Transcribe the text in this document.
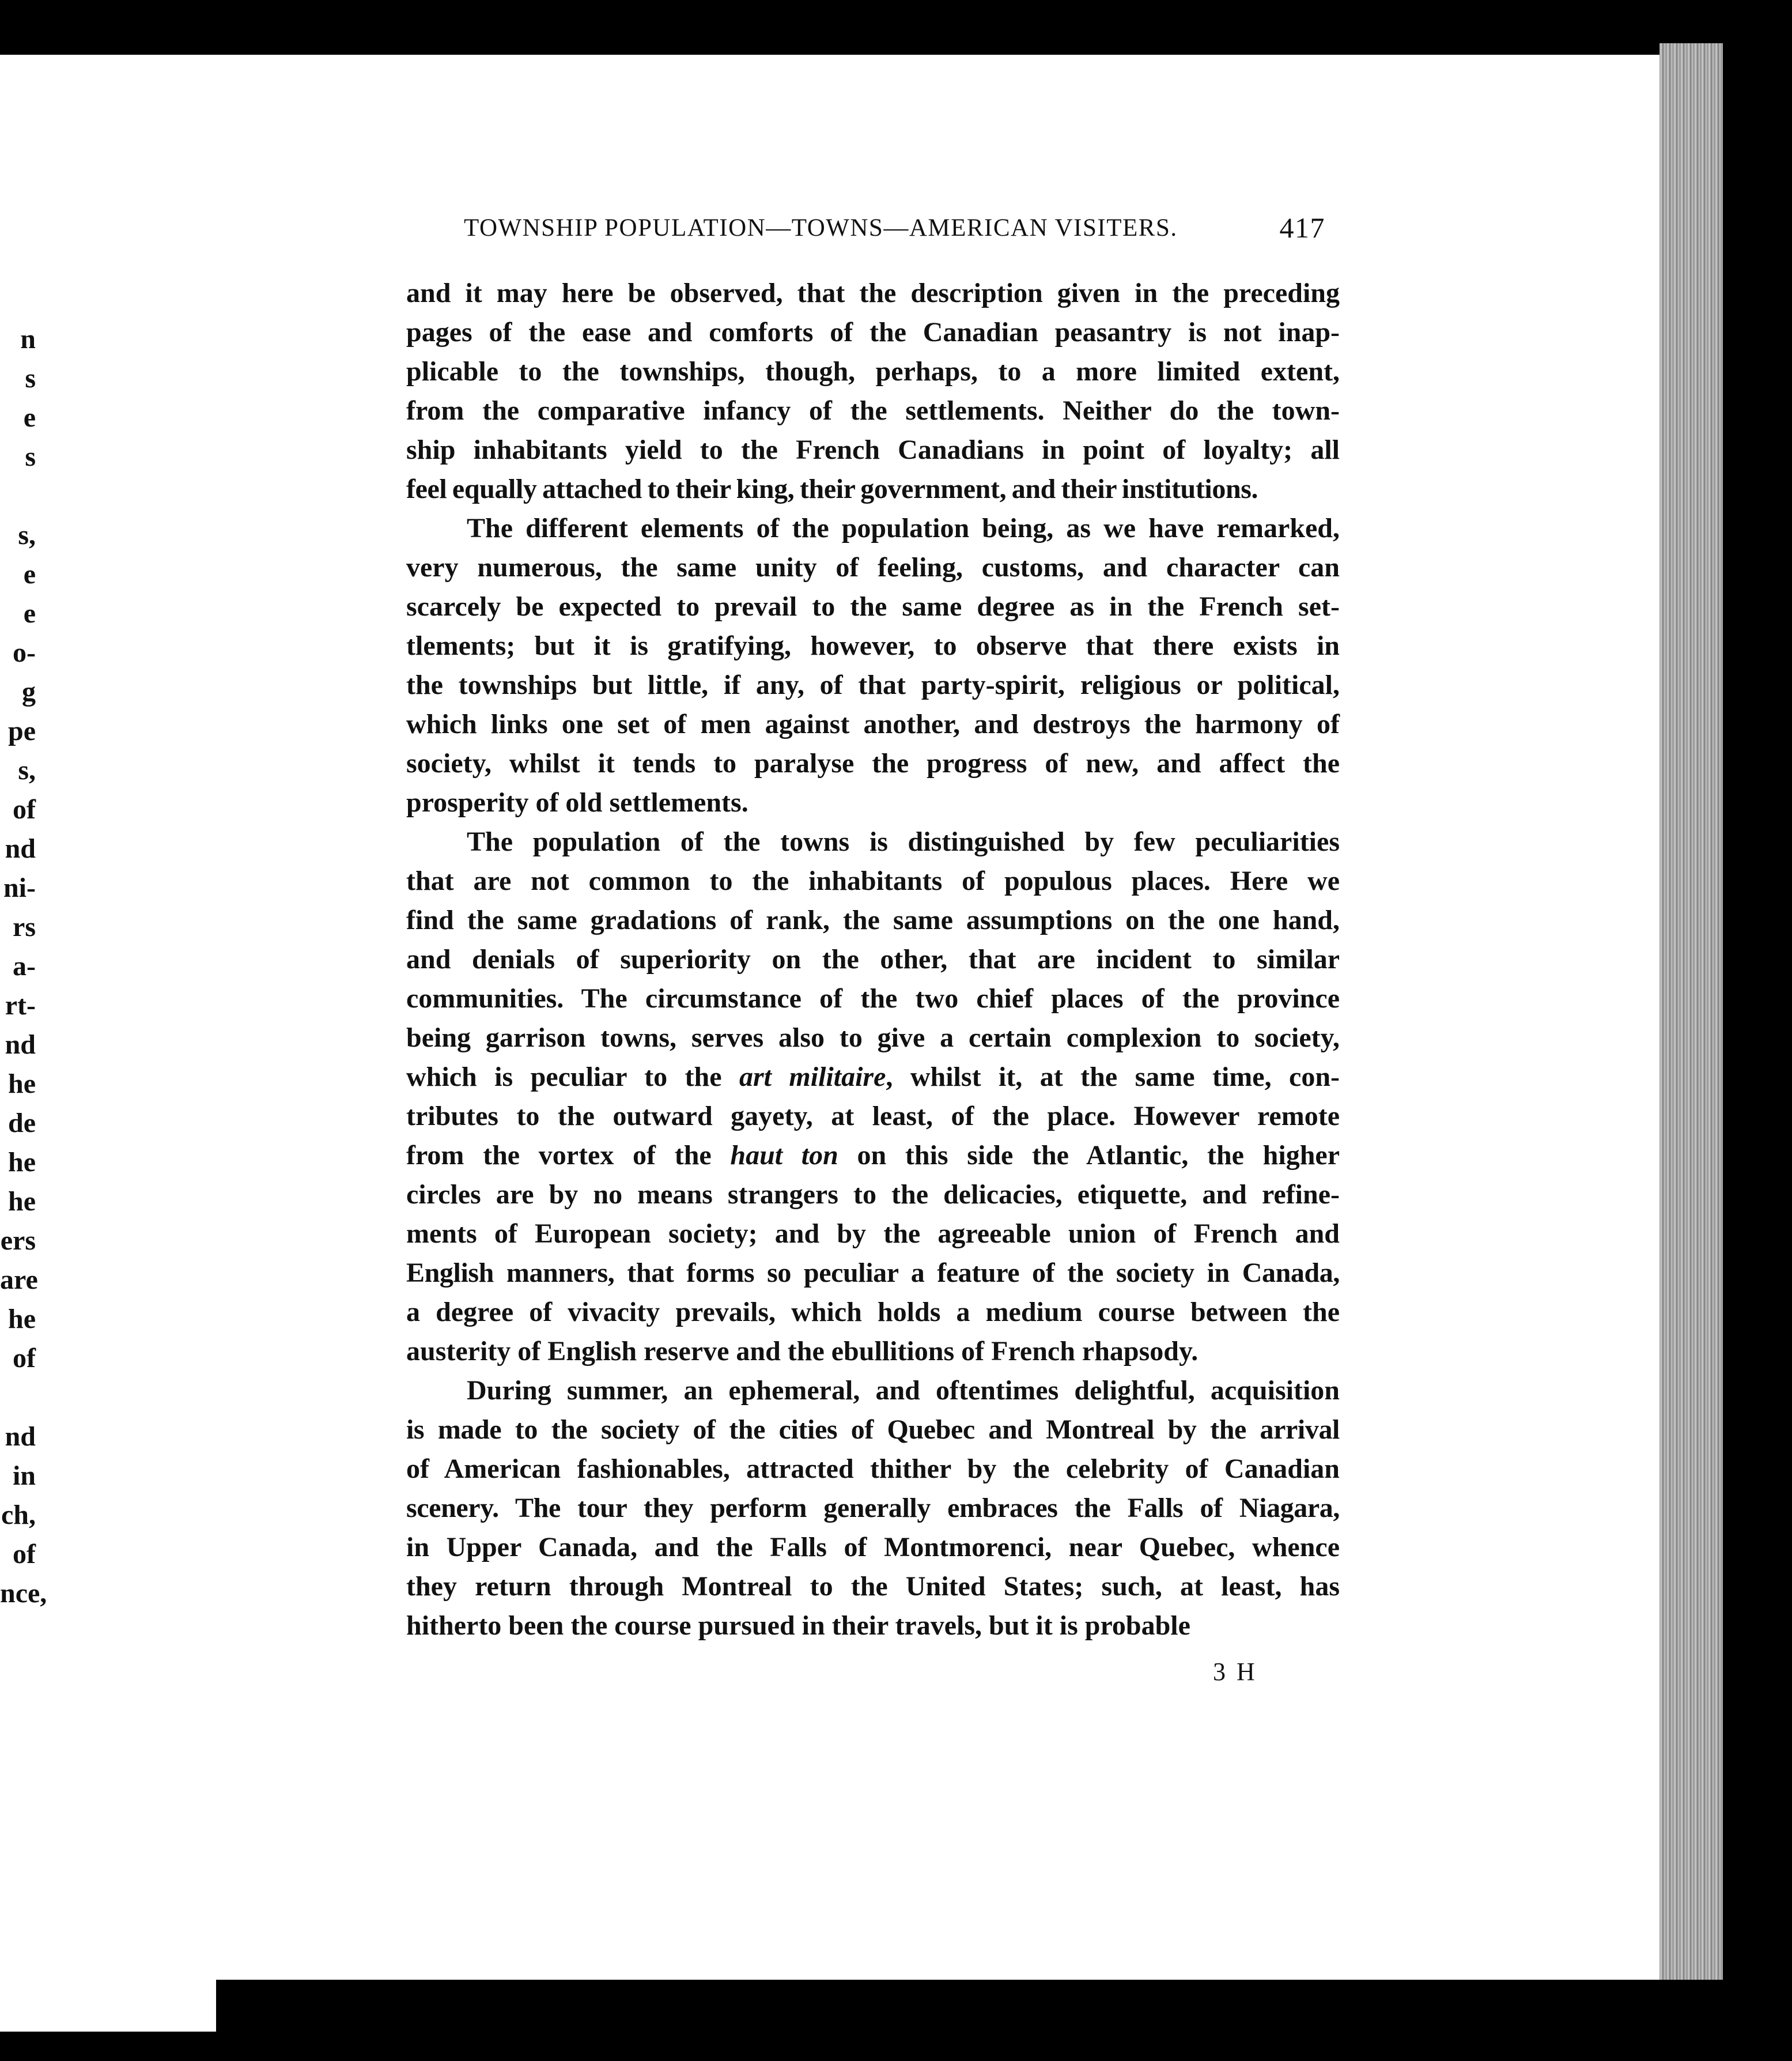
n
s
e
s
s,
e
e
o-
g
pe
s,
of
nd
ni-
rs
a-
rt-
nd
he
de
he
he
ers
are
he
of
nd
in
ch,
of
nce,
TOWNSHIP POPULATION—TOWNS—AMERICAN VISITERS.	417
and it may here be observed, that the description given in the preceding
pages of the ease and comforts of the Canadian peasantry is not inap-
plicable to the townships, though, perhaps, to a more limited extent,
from the comparative infancy of the settlements. Neither do the town-
ship inhabitants yield to the French Canadians in point of loyalty; all
feel equally attached to their king, their government, and their institutions.
The different elements of the population being, as we have remarked,
very numerous, the same unity of feeling, customs, and character can
scarcely be expected to prevail to the same degree as in the French set-
tlements; but it is gratifying, however, to observe that there exists in
the townships but little, if any, of that party-spirit, religious or political,
which links one set of men against another, and destroys the harmony of
society, whilst it tends to paralyse the progress of new, and affect the
prosperity of old settlements.
The population of the towns is distinguished by few peculiarities
that are not common to the inhabitants of populous places. Here we
find the same gradations of rank, the same assumptions on the one hand,
and denials of superiority on the other, that are incident to similar
communities. The circumstance of the two chief places of the province
being garrison towns, serves also to give a certain complexion to society,
which is peculiar to the art militaire, whilst it, at the same time, con-
tributes to the outward gayety, at least, of the place. However remote
from the vortex of the haut ton on this side the Atlantic, the higher
circles are by no means strangers to the delicacies, etiquette, and refine-
ments of European society; and by the agreeable union of French and
English manners, that forms so peculiar a feature of the society in Canada,
a degree of vivacity prevails, which holds a medium course between the
austerity of English reserve and the ebullitions of French rhapsody.
During summer, an ephemeral, and oftentimes delightful, acquisition
is made to the society of the cities of Quebec and Montreal by the arrival
of American fashionables, attracted thither by the celebrity of Canadian
scenery. The tour they perform generally embraces the Falls of Niagara,
in Upper Canada, and the Falls of Montmorenci, near Quebec, whence
they return through Montreal to the United States; such, at least, has
hitherto been the course pursued in their travels, but it is probable
3 H
